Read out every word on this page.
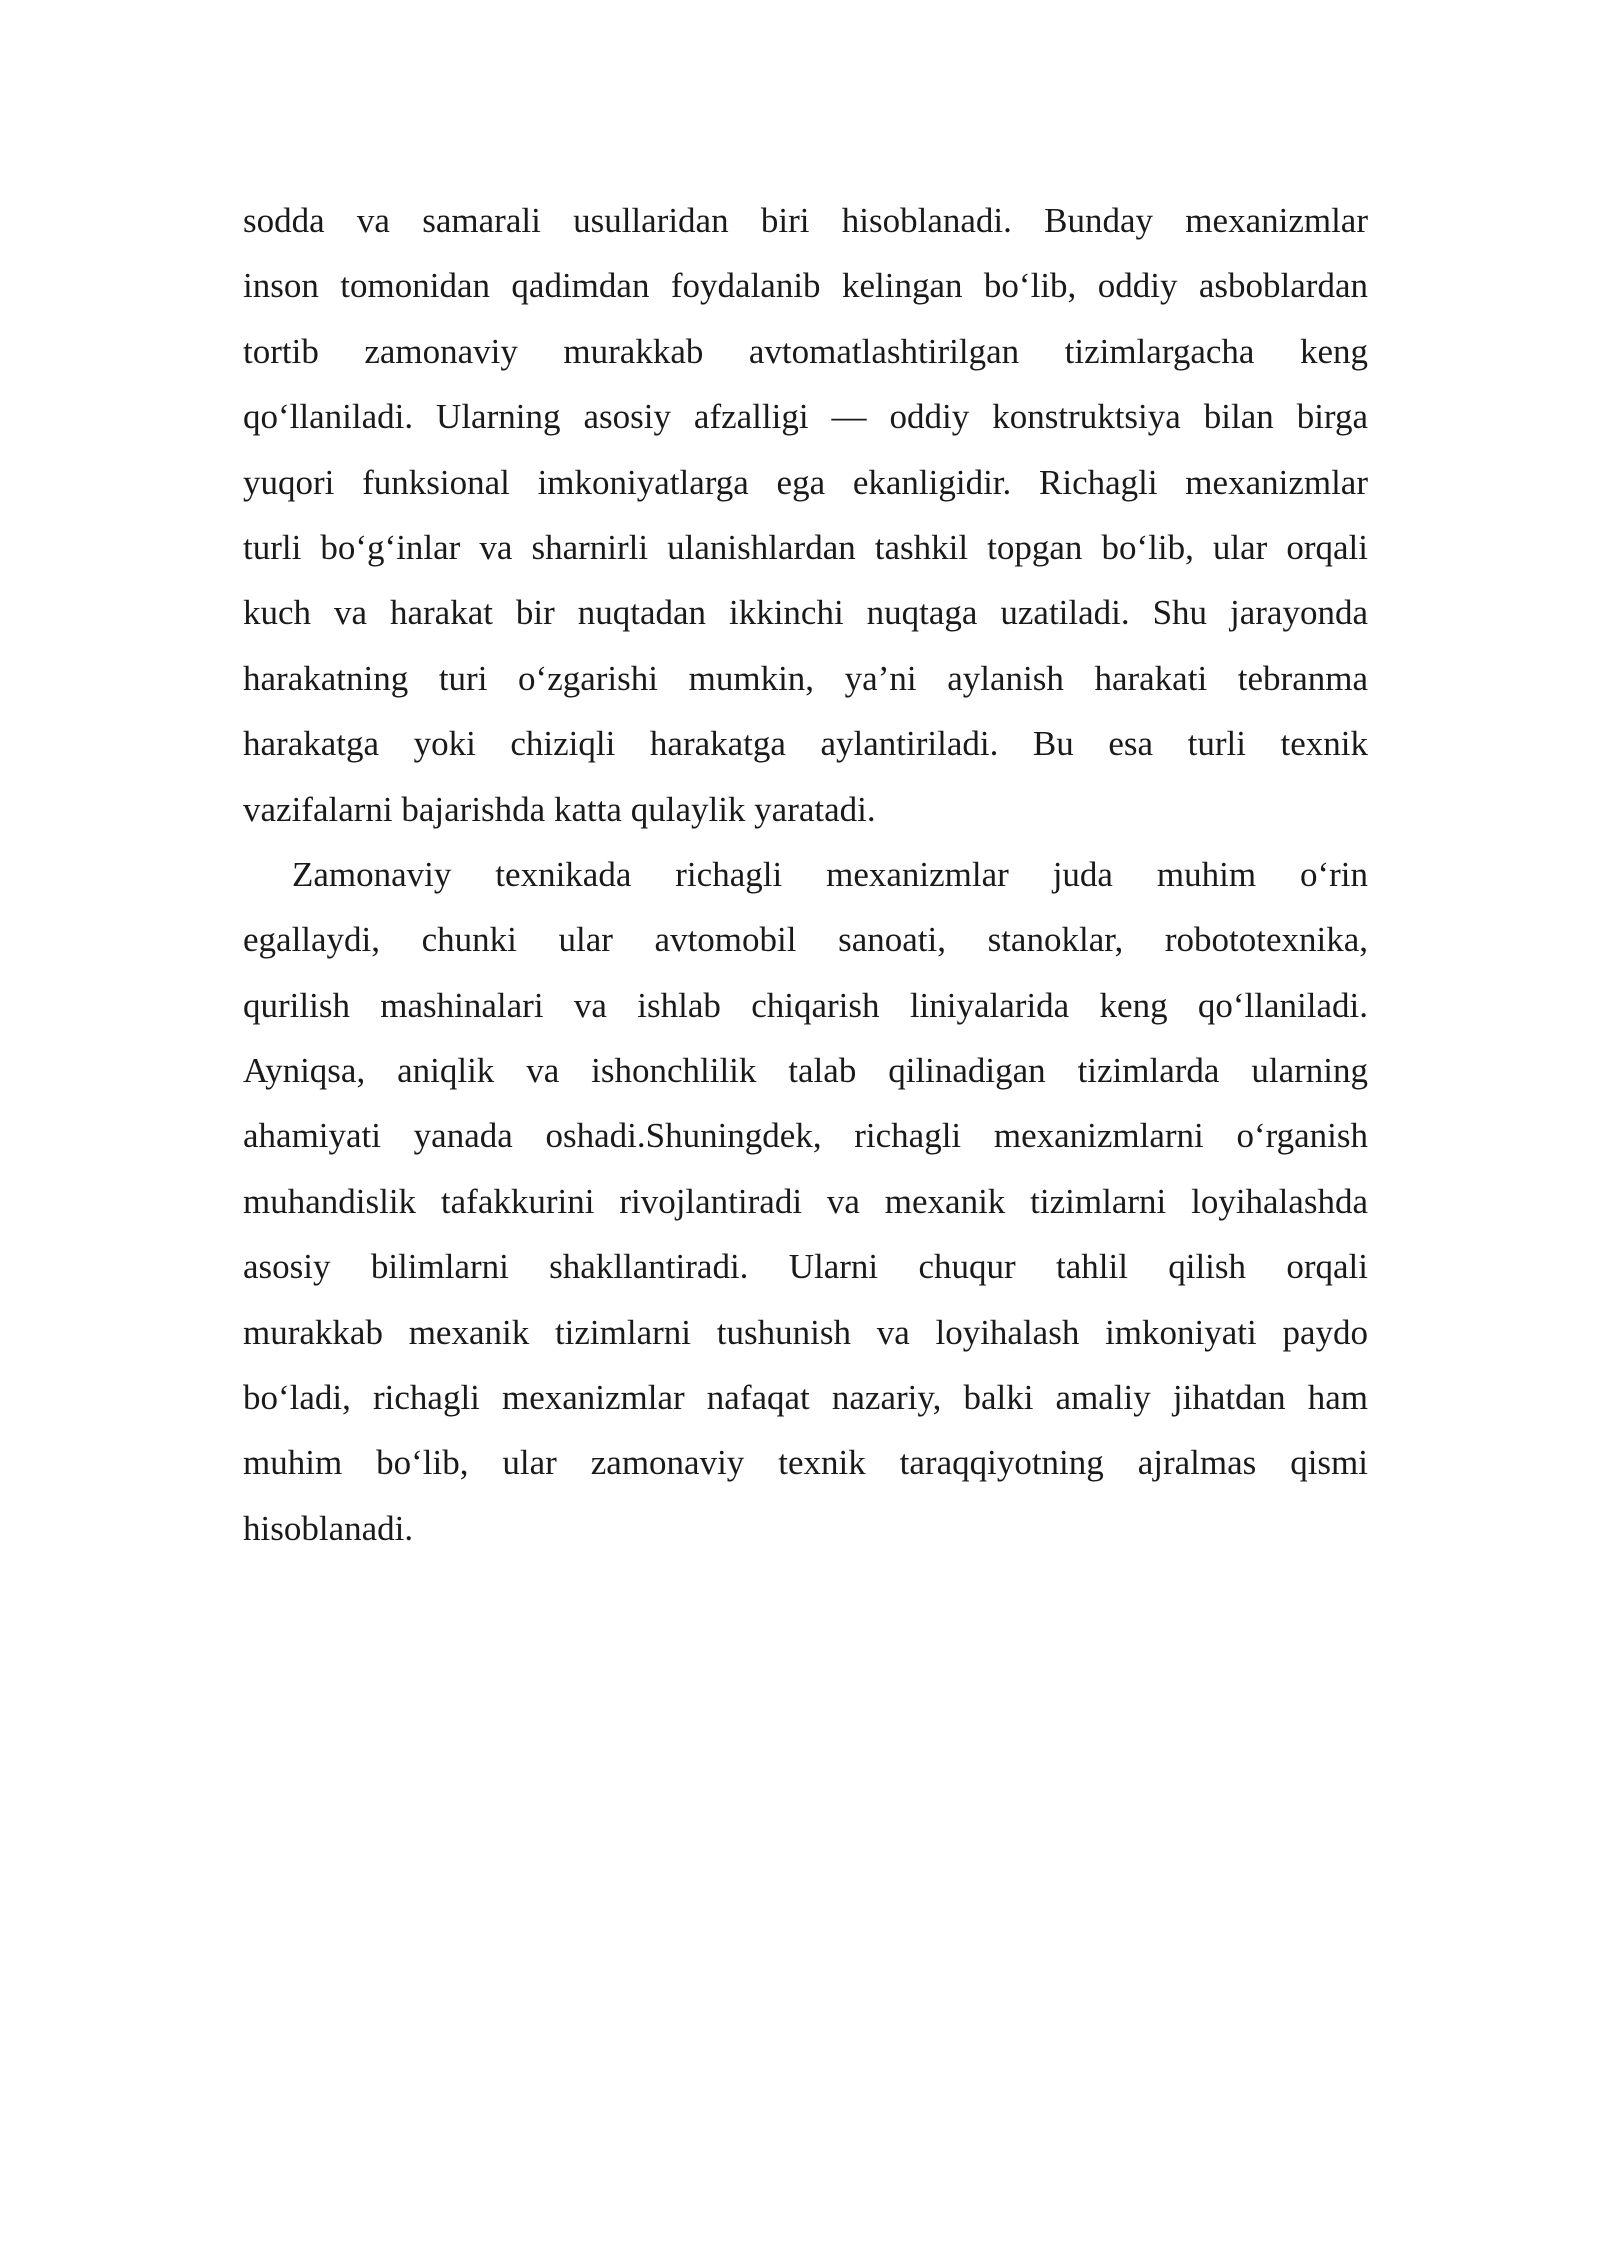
sodda va samarali usullaridan biri hisoblanadi. Bunday mexanizmlar
inson tomonidan qadimdan foydalanib kelingan bo‘lib, oddiy asboblardan
tortib zamonaviy murakkab avtomatlashtirilgan tizimlargacha keng
qo‘llaniladi. Ularning asosiy afzalligi — oddiy konstruktsiya bilan birga
yuqori funksional imkoniyatlarga ega ekanligidir. Richagli mexanizmlar
turli bo‘g‘inlar va sharnirli ulanishlardan tashkil topgan bo‘lib, ular orqali
kuch va harakat bir nuqtadan ikkinchi nuqtaga uzatiladi. Shu jarayonda
harakatning turi o‘zgarishi mumkin, ya’ni aylanish harakati tebranma
harakatga yoki chiziqli harakatga aylantiriladi. Bu esa turli texnik
vazifalarni bajarishda katta qulaylik yaratadi.
Zamonaviy texnikada richagli mexanizmlar juda muhim o‘rin
egallaydi, chunki ular avtomobil sanoati, stanoklar, robototexnika,
qurilish mashinalari va ishlab chiqarish liniyalarida keng qo‘llaniladi.
Ayniqsa, aniqlik va ishonchlilik talab qilinadigan tizimlarda ularning
ahamiyati yanada oshadi.Shuningdek, richagli mexanizmlarni o‘rganish
muhandislik tafakkurini rivojlantiradi va mexanik tizimlarni loyihalashda
asosiy bilimlarni shakllantiradi. Ularni chuqur tahlil qilish orqali
murakkab mexanik tizimlarni tushunish va loyihalash imkoniyati paydo
bo‘ladi, richagli mexanizmlar nafaqat nazariy, balki amaliy jihatdan ham
muhim bo‘lib, ular zamonaviy texnik taraqqiyotning ajralmas qismi
hisoblanadi.
